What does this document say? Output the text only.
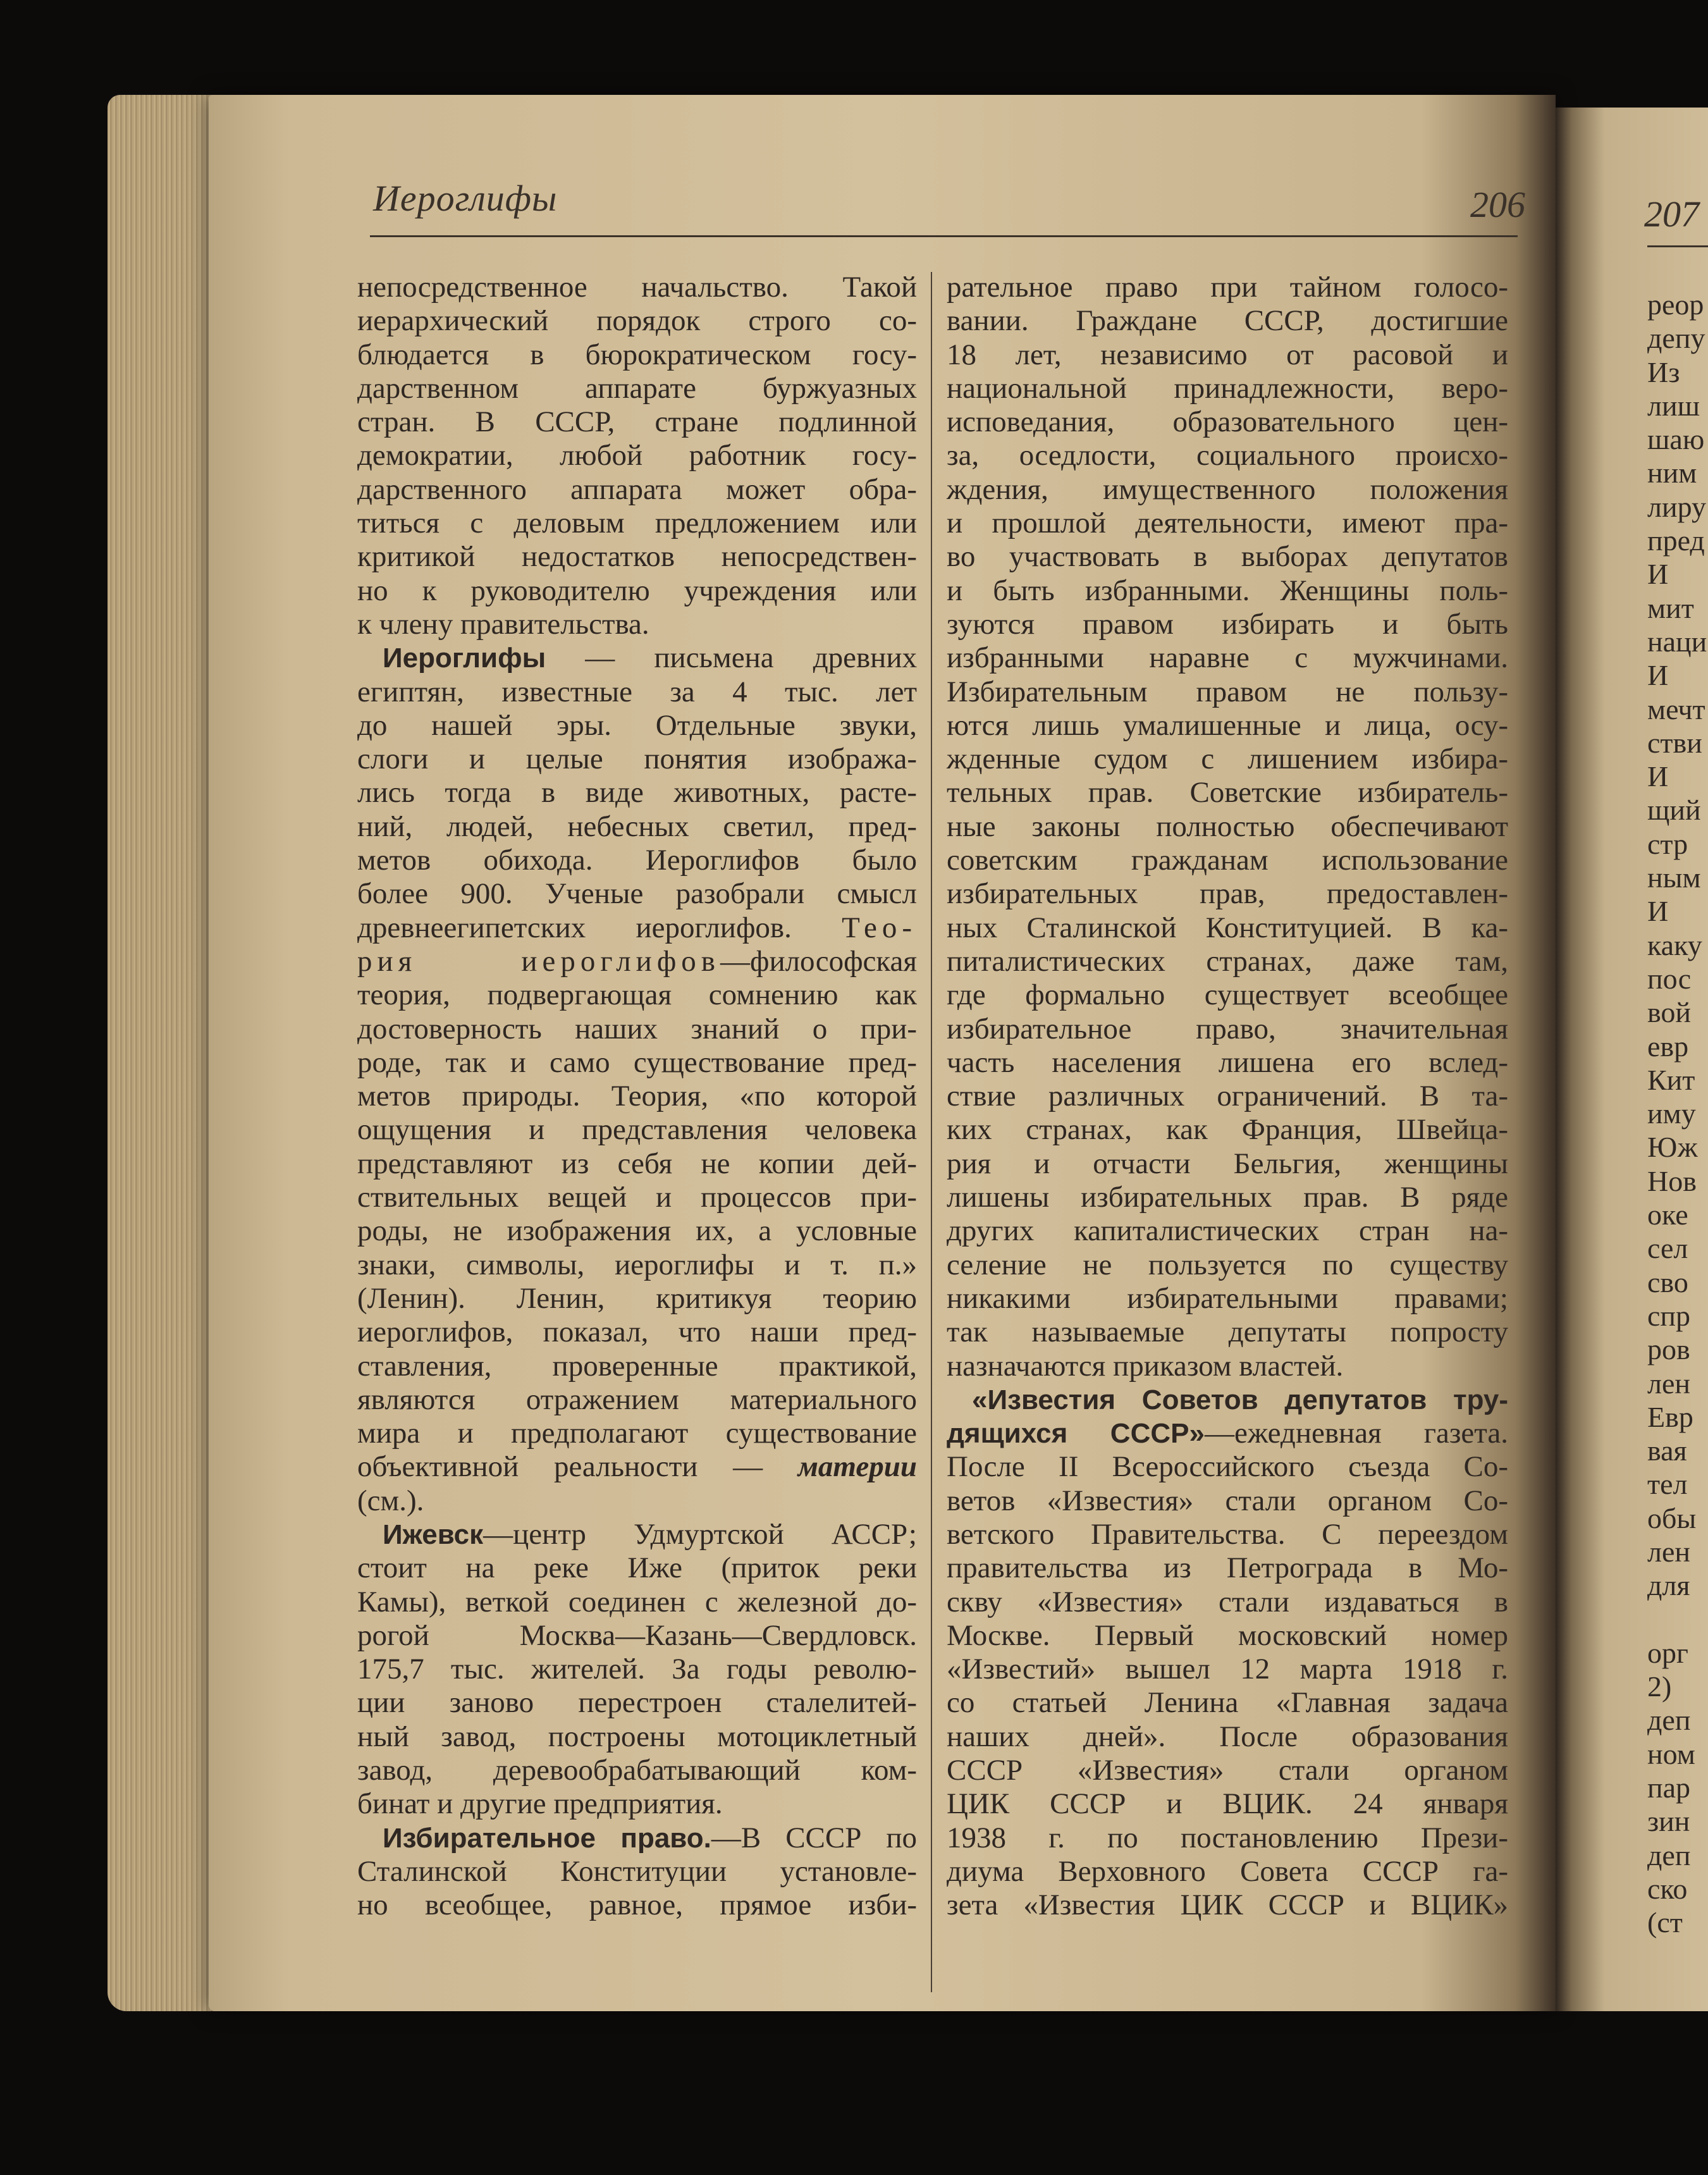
Иероглифы	206	207
непосредственное начальство. Такой
иерархический порядок строго со-
блюдается в бюрократическом госу-
дарственном аппарате буржуазных
стран. В СССР, стране подлинной
демократии, любой работник госу-
дарственного аппарата может обра-
титься с деловым предложением или
критикой недостатков непосредствен-
но к руководителю учреждения или
к члену правительства.
Иероглифы — письмена древних
египтян, известные за 4 тыс. лет
до нашей эры. Отдельные звуки,
слоги и целые понятия изобража-
лись тогда в виде животных, расте-
ний, людей, небесных светил, пред-
метов обихода. Иероглифов было
более 900. Ученые разобрали смысл
древнеегипетских иероглифов. Тео-
рия иероглифов—философская
теория, подвергающая сомнению как
достоверность наших знаний о при-
роде, так и само существование пред-
метов природы. Теория, «по которой
ощущения и представления человека
представляют из себя не копии дей-
ствительных вещей и процессов при-
роды, не изображения их, а условные
знаки, символы, иероглифы и т. п.»
(Ленин). Ленин, критикуя теорию
иероглифов, показал, что наши пред-
ставления, проверенные практикой,
являются отражением материального
мира и предполагают существование
объективной реальности — материи
(см.).
Ижевск—центр Удмуртской АССР;
стоит на реке Иже (приток реки
Камы), веткой соединен с железной до-
рогой Москва—Казань—Свердловск.
175,7 тыс. жителей. За годы револю-
ции заново перестроен сталелитей-
ный завод, построены мотоциклетный
завод, деревообрабатывающий ком-
бинат и другие предприятия.
Избирательное право.—В СССР по
Сталинской Конституции установле-
но всеобщее, равное, прямое изби-
рательное право при тайном голосо-
вании. Граждане СССР, достигшие
18 лет, независимо от расовой и
национальной принадлежности, веро-
исповедания, образовательного цен-
за, оседлости, социального происхо-
ждения, имущественного положения
и прошлой деятельности, имеют пра-
во участвовать в выборах депутатов
и быть избранными. Женщины поль-
зуются правом избирать и быть
избранными наравне с мужчинами.
Избирательным правом не пользу-
ются лишь умалишенные и лица, осу-
жденные судом с лишением избира-
тельных прав. Советские избиратель-
ные законы полностью обеспечивают
советским гражданам использование
избирательных прав, предоставлен-
ных Сталинской Конституцией. В ка-
питалистических странах, даже там,
где формально существует всеобщее
избирательное право, значительная
часть населения лишена его вслед-
ствие различных ограничений. В та-
ких странах, как Франция, Швейца-
рия и отчасти Бельгия, женщины
лишены избирательных прав. В ряде
других капиталистических стран на-
селение не пользуется по существу
никакими избирательными правами;
так называемые депутаты попросту
назначаются приказом властей.
«Известия Советов депутатов тру-
дящихся СССР»—ежедневная газета.
После II Всероссийского съезда Со-
ветов «Известия» стали органом Со-
ветского Правительства. С переездом
правительства из Петрограда в Мо-
скву «Известия» стали издаваться в
Москве. Первый московский номер
«Известий» вышел 12 марта 1918 г.
со статьей Ленина «Главная задача
наших дней». После образования
СССР «Известия» стали органом
ЦИК СССР и ВЦИК. 24 января
1938 г. по постановлению Прези-
диума Верховного Совета СССР га-
зета «Известия ЦИК СССР и ВЦИК»
реор
депу
Из
лиш
шаю
ним
лиру
пред
И
мит
наци
И
мечт
стви
И
щий
стр
ным
И
каку
пос
вой
евр
Кит
иму
Юж
Нов
оке
сел
сво
спр
ров
лен
Евр
вая
тел
обы
лен
для

орг
2)
деп
ном
пар
зин
деп
ско
(ст
